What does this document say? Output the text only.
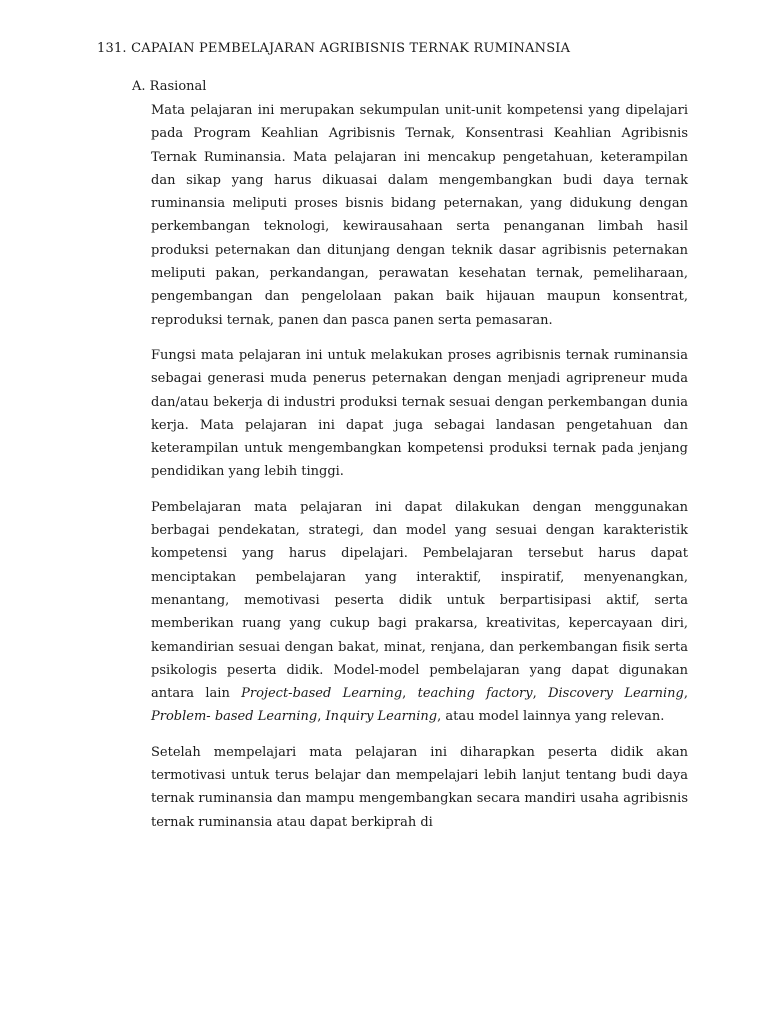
131. CAPAIAN PEMBELAJARAN AGRIBISNIS TERNAK RUMINANSIA
A. Rasional

Mata pelajaran ini merupakan sekumpulan unit-unit kompetensi yang dipelajari pada Program Keahlian Agribisnis Ternak, Konsentrasi Keahlian Agribisnis Ternak Ruminansia. Mata pelajaran ini mencakup pengetahuan, keterampilan dan sikap yang harus dikuasai dalam mengembangkan budi daya ternak ruminansia meliputi proses bisnis bidang peternakan, yang didukung dengan perkembangan teknologi, kewirausahaan serta penanganan limbah hasil produksi peternakan dan ditunjang dengan teknik dasar agribisnis peternakan meliputi pakan, perkandangan, perawatan kesehatan ternak, pemeliharaan, pengembangan dan pengelolaan pakan baik hijauan maupun konsentrat, reproduksi ternak, panen dan pasca panen serta pemasaran.

Fungsi mata pelajaran ini untuk melakukan proses agribisnis ternak ruminansia sebagai generasi muda penerus peternakan dengan menjadi agripreneur muda dan/atau bekerja di industri produksi ternak sesuai dengan perkembangan dunia kerja. Mata pelajaran ini dapat juga sebagai landasan pengetahuan dan keterampilan untuk mengembangkan kompetensi produksi ternak pada jenjang pendidikan yang lebih tinggi.

Pembelajaran mata pelajaran ini dapat dilakukan dengan menggunakan berbagai pendekatan, strategi, dan model yang sesuai dengan karakteristik kompetensi yang harus dipelajari. Pembelajaran tersebut harus dapat menciptakan pembelajaran yang interaktif, inspiratif, menyenangkan, menantang, memotivasi peserta didik untuk berpartisipasi aktif, serta memberikan ruang yang cukup bagi prakarsa, kreativitas, kepercayaan diri, kemandirian sesuai dengan bakat, minat, renjana, dan perkembangan fisik serta psikologis peserta didik. Model-model pembelajaran yang dapat digunakan antara lain Project-based Learning, teaching factory, Discovery Learning, Problem- based Learning, Inquiry Learning, atau model lainnya yang relevan.

Setelah mempelajari mata pelajaran ini diharapkan peserta didik akan termotivasi untuk terus belajar dan mempelajari lebih lanjut tentang budi daya ternak ruminansia dan mampu mengembangkan secara mandiri usaha agribisnis ternak ruminansia atau dapat berkiprah di
